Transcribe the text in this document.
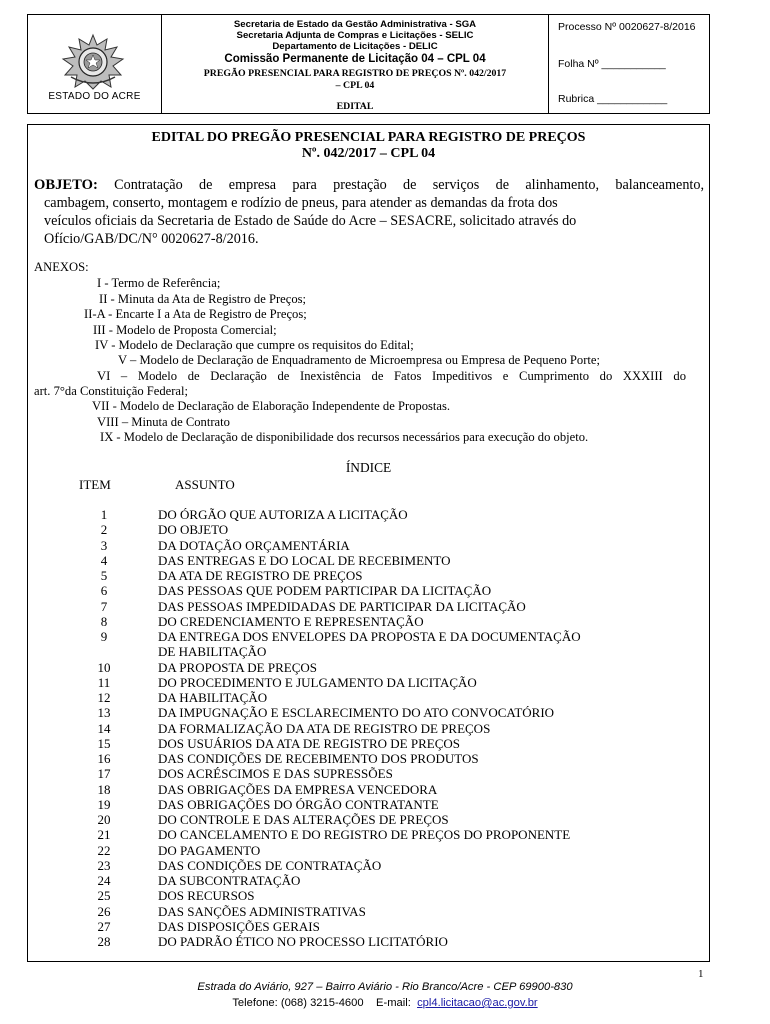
ESTADO DO ACRE
Secretaria de Estado da Gestão Administrativa - SGA
Secretaria Adjunta de Compras e Licitações - SELIC
Departamento de Licitações - DELIC
Comissão Permanente de Licitação 04 – CPL 04
PREGÃO PRESENCIAL PARA REGISTRO DE PREÇOS Nº. 042/2017
– CPL 04
EDITAL
Processo Nº 0020627-8/2016
Folha Nº ___________
Rubrica ____________
EDITAL DO PREGÃO PRESENCIAL PARA REGISTRO DE PREÇOS
Nº. 042/2017 – CPL 04
OBJETO: Contratação de empresa para prestação de serviços de alinhamento, balanceamento,
cambagem, conserto, montagem e rodízio de pneus, para atender as demandas da frota dos
veículos oficiais da Secretaria de Estado de Saúde do Acre – SESACRE, solicitado através do
Ofício/GAB/DC/N° 0020627-8/2016.
ANEXOS:
I - Termo de Referência;
II - Minuta da Ata de Registro de Preços;
II-A - Encarte I a Ata de Registro de Preços;
III - Modelo de Proposta Comercial;
IV - Modelo de Declaração que cumpre os requisitos do Edital;
V – Modelo de Declaração de Enquadramento de Microempresa ou Empresa de Pequeno Porte;
VI – Modelo de Declaração de Inexistência de Fatos Impeditivos e Cumprimento do XXXIII do
art. 7°da Constituição Federal;
VII - Modelo de Declaração de Elaboração Independente de Propostas.
VIII – Minuta de Contrato
IX - Modelo de Declaração de disponibilidade dos recursos necessários para execução do objeto.
ÍNDICE
ITEM	ASSUNTO
1	DO ÓRGÃO QUE AUTORIZA A LICITAÇÃO
2	DO OBJETO
3	DA DOTAÇÃO ORÇAMENTÁRIA
4	DAS ENTREGAS E DO LOCAL DE RECEBIMENTO
5	DA ATA DE REGISTRO DE PREÇOS
6	DAS PESSOAS QUE PODEM PARTICIPAR DA LICITAÇÃO
7	DAS PESSOAS IMPEDIDADAS DE PARTICIPAR DA LICITAÇÃO
8	DO CREDENCIAMENTO E REPRESENTAÇÃO
9	DA ENTREGA DOS ENVELOPES DA PROPOSTA E DA DOCUMENTAÇÃO
DE HABILITAÇÃO
10	DA PROPOSTA DE PREÇOS
11	DO PROCEDIMENTO E JULGAMENTO DA LICITAÇÃO
12	DA HABILITAÇÃO
13	DA IMPUGNAÇÃO E ESCLARECIMENTO DO ATO CONVOCATÓRIO
14	DA FORMALIZAÇÃO DA ATA DE REGISTRO DE PREÇOS
15	DOS USUÁRIOS DA ATA DE REGISTRO DE PREÇOS
16	DAS CONDIÇÕES DE RECEBIMENTO DOS PRODUTOS
17	DOS ACRÉSCIMOS E DAS SUPRESSÕES
18	DAS OBRIGAÇÕES DA EMPRESA VENCEDORA
19	DAS OBRIGAÇÕES DO ÓRGÃO CONTRATANTE
20	DO CONTROLE E DAS ALTERAÇÕES DE PREÇOS
21	DO CANCELAMENTO E DO REGISTRO DE PREÇOS DO PROPONENTE
22	DO PAGAMENTO
23	DAS CONDIÇÕES DE CONTRATAÇÃO
24	DA SUBCONTRATAÇÃO
25	DOS RECURSOS
26	DAS SANÇÕES ADMINISTRATIVAS
27	DAS DISPOSIÇÕES GERAIS
28	DO PADRÃO ÉTICO NO PROCESSO LICITATÓRIO
1
Estrada do Aviário, 927 – Bairro Aviário - Rio Branco/Acre - CEP 69900-830
Telefone: (068) 3215-4600 E-mail: cpl4.licitacao@ac.gov.br
